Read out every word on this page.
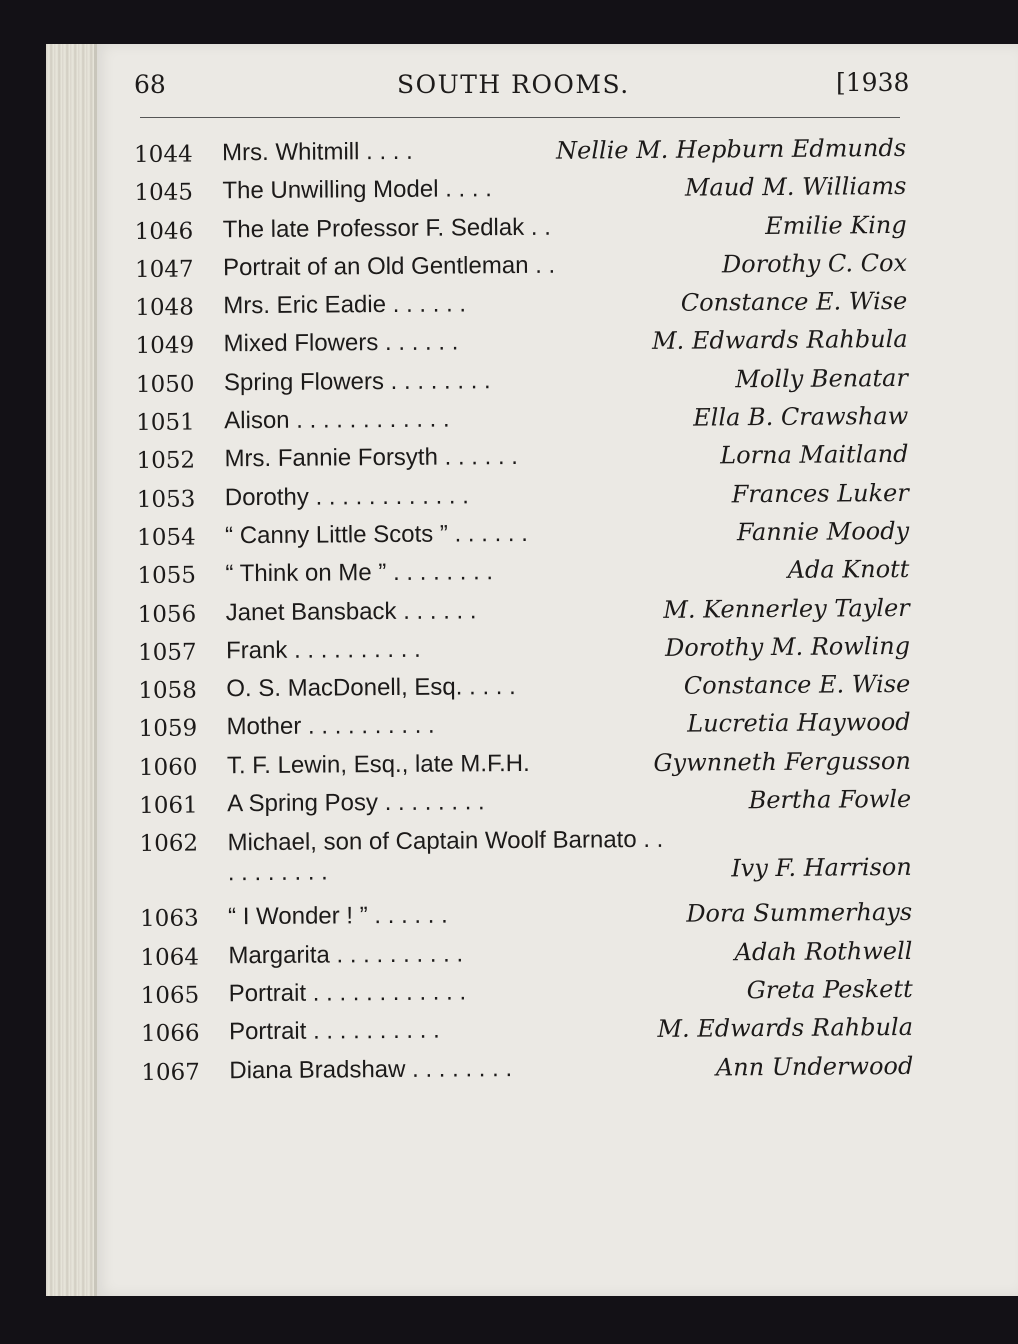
68	SOUTH ROOMS.	[1938
1044 Mrs. Whitmill . . . .	Nellie M. Hepburn Edmunds
1045 The Unwilling Model . . . .	Maud M. Williams
1046 The late Professor F. Sedlak . .	Emilie King
1047 Portrait of an Old Gentleman . .	Dorothy C. Cox
1048 Mrs. Eric Eadie . . . . . .	Constance E. Wise
1049 Mixed Flowers . . . . . .	M. Edwards Rahbula
1050 Spring Flowers . . . . . . . .	Molly Benatar
1051 Alison . . . . . . . . . . . .	Ella B. Crawshaw
1052 Mrs. Fannie Forsyth . . . . . .	Lorna Maitland
1053 Dorothy . . . . . . . . . . . .	Frances Luker
1054 “ Canny Little Scots ” . . . . . .	Fannie Moody
1055 “ Think on Me ” . . . . . . . .	Ada Knott
1056 Janet Bansback . . . . . .	M. Kennerley Tayler
1057 Frank . . . . . . . . . .	Dorothy M. Rowling
1058 O. S. MacDonell, Esq. . . . .	Constance E. Wise
1059 Mother . . . . . . . . . .	Lucretia Haywood
1060 T. F. Lewin, Esq., late M.F.H.	Gywnneth Fergusson
1061 A Spring Posy . . . . . . . .	Bertha Fowle
1062 Michael, son of Captain Woolf Barnato . . . . . . . . . .	Ivy F. Harrison
1063 “ I Wonder ! ” . . . . . .	Dora Summerhays
1064 Margarita . . . . . . . . . .	Adah Rothwell
1065 Portrait . . . . . . . . . . . .	Greta Peskett
1066 Portrait . . . . . . . . . .	M. Edwards Rahbula
1067 Diana Bradshaw . . . . . . . .	Ann Underwood
